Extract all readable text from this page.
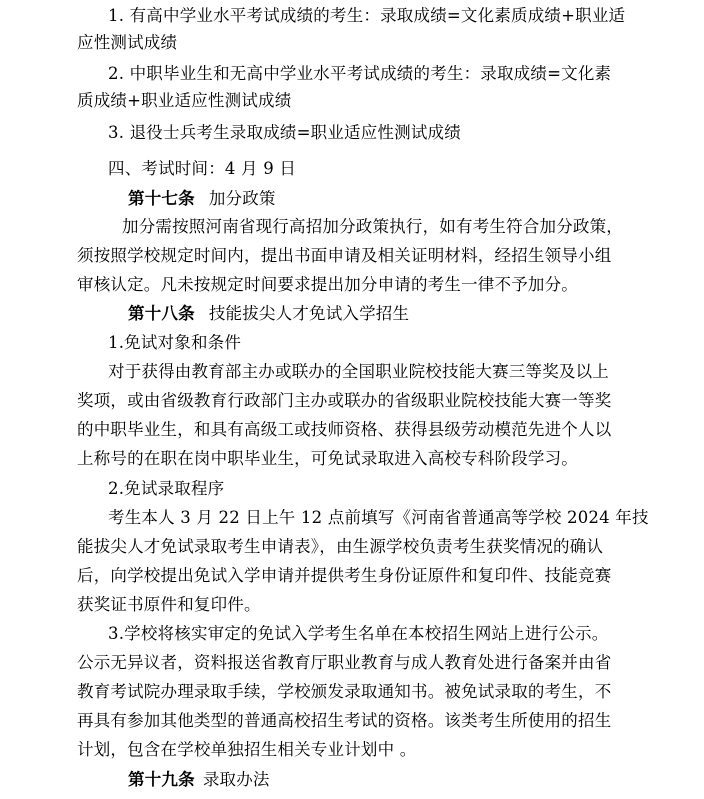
1. 有高中学业水平考试成绩的考生：录取成绩=文化素质成绩+职业适
应性测试成绩
2. 中职毕业生和无高中学业水平考试成绩的考生：录取成绩=文化素
质成绩+职业适应性测试成绩
3. 退役士兵考生录取成绩=职业适应性测试成绩
四、考试时间：4 月 9 日
第十七条 加分政策
加分需按照河南省现行高招加分政策执行，如有考生符合加分政策，
须按照学校规定时间内，提出书面申请及相关证明材料，经招生领导小组
审核认定。凡未按规定时间要求提出加分申请的考生一律不予加分。
第十八条 技能拔尖人才免试入学招生
1.免试对象和条件
对于获得由教育部主办或联办的全国职业院校技能大赛三等奖及以上
奖项，或由省级教育行政部门主办或联办的省级职业院校技能大赛一等奖
的中职毕业生，和具有高级工或技师资格、获得县级劳动模范先进个人以
上称号的在职在岗中职毕业生，可免试录取进入高校专科阶段学习。
2.免试录取程序
考生本人 3 月 22 日上午 12 点前填写《河南省普通高等学校 2024 年技
能拔尖人才免试录取考生申请表》，由生源学校负责考生获奖情况的确认
后，向学校提出免试入学申请并提供考生身份证原件和复印件、技能竞赛
获奖证书原件和复印件。
3.学校将核实审定的免试入学考生名单在本校招生网站上进行公示。
公示无异议者，资料报送省教育厅职业教育与成人教育处进行备案并由省
教育考试院办理录取手续，学校颁发录取通知书。被免试录取的考生，不
再具有参加其他类型的普通高校招生考试的资格。该类考生所使用的招生
计划，包含在学校单独招生相关专业计划中 。
第十九条 录取办法
